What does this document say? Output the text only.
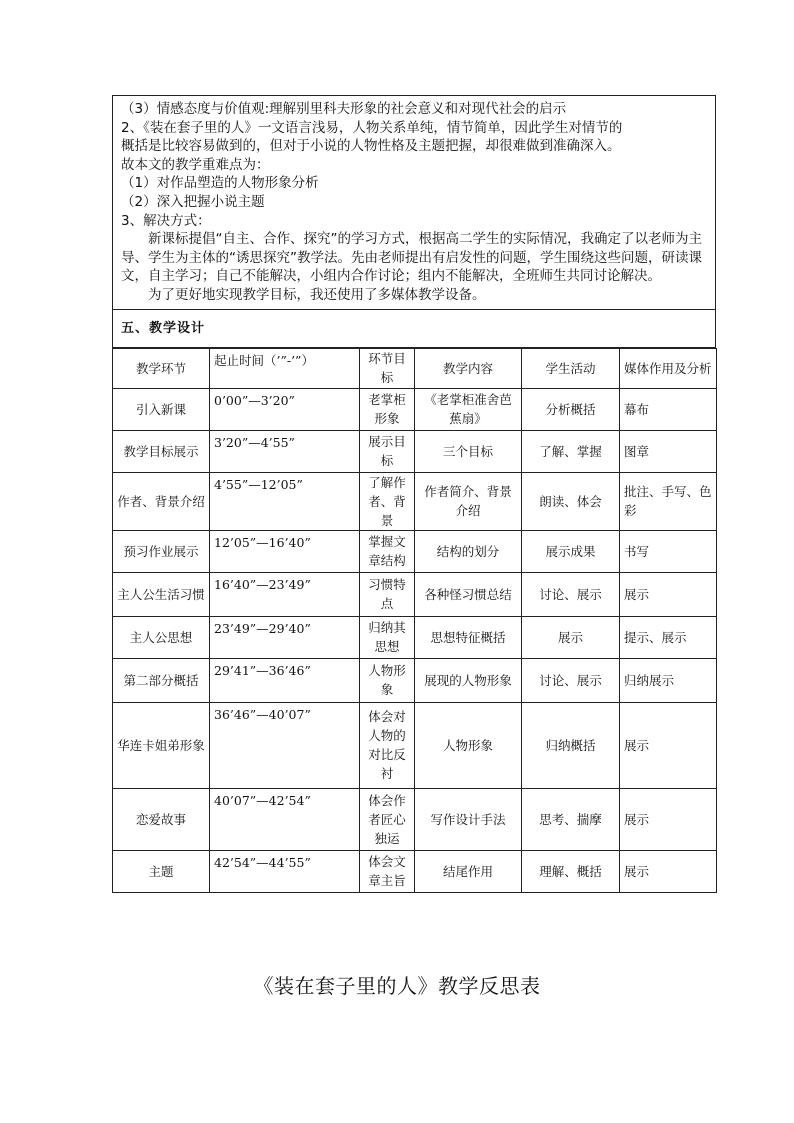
（3）情感态度与价值观:理解别里科夫形象的社会意义和对现代社会的启示

2、《装在套子里的人》一文语言浅易，人物关系单纯，情节简单，因此学生对情节的

概括是比较容易做到的，但对于小说的人物性格及主题把握，却很难做到准确深入。

故本文的教学重难点为：

（1）对作品塑造的人物形象分析

（2）深入把握小说主题

3、解决方式：

新课标提倡“自主、合作、探究”的学习方式，根据高二学生的实际情况，我确定了以老师为主导、学生为主体的“诱思探究”教学法。先由老师提出有启发性的问题，学生围绕这些问题，研读课文，自主学习；自己不能解决，小组内合作讨论；组内不能解决，全班师生共同讨论解决。

为了更好地实现教学目标，我还使用了多媒体教学设备。

五、教学设计
教学环节	起止时间（’”-’”）	环节目标	教学内容	学生活动	媒体作用及分析
引入新课	0’00”—3’20”	老掌柜形象	《老掌柜准舍芭蕉扇》	分析概括	幕布
教学目标展示	3’20”—4’55”	展示目标	三个目标	了解、掌握	图章
作者、背景介绍	4’55”—12’05”	了解作者、背景	作者简介、背景介绍	朗读、体会	批注、手写、色彩
预习作业展示	12’05”—16’40”	掌握文章结构	结构的划分	展示成果	书写
主人公生活习惯	16’40”—23’49”	习惯特点	各种怪习惯总结	讨论、展示	展示
主人公思想	23’49”—29’40”	归纳其思想	思想特征概括	展示	提示、展示
第二部分概括	29’41”—36’46”	人物形象	展现的人物形象	讨论、展示	归纳展示
华连卡姐弟形象	36’46”—40’07”	体会对人物的对比反衬	人物形象	归纳概括	展示
恋爱故事	40’07”—42’54”	体会作者匠心独运	写作设计手法	思考、揣摩	展示
主题	42’54”—44’55”	体会文章主旨	结尾作用	理解、概括	展示
《装在套子里的人》教学反思表
